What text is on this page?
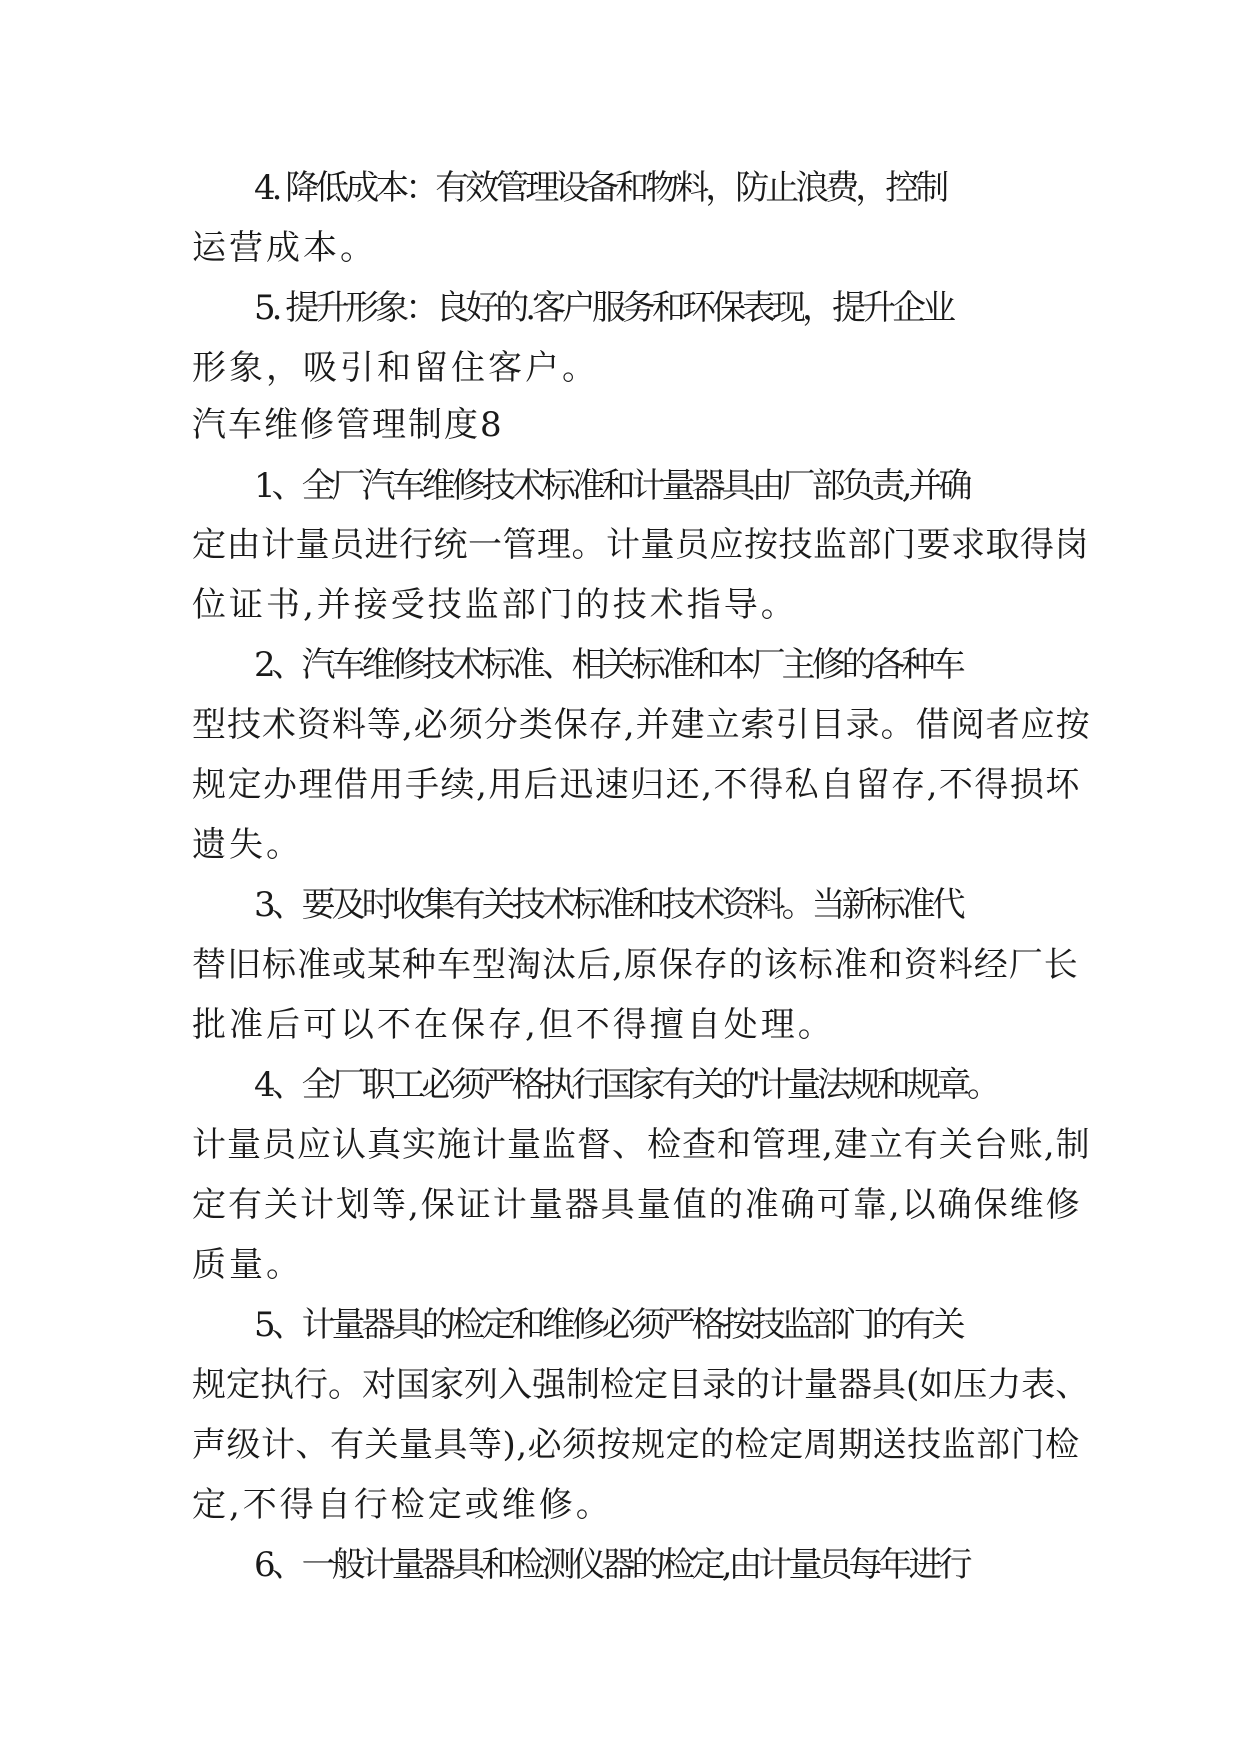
4. 降低成本：有效管理设备和物料，防止浪费，控制
运营成本。
5. 提升形象：良好的.客户服务和环保表现，提升企业
形象，吸引和留住客户。
汽车维修管理制度8
1、全厂汽车维修技术标准和计量器具由厂部负责,并确
定由计量员进行统一管理。计量员应按技监部门要求取得岗
位证书,并接受技监部门的技术指导。
2、汽车维修技术标准、相关标准和本厂主修的各种车
型技术资料等,必须分类保存,并建立索引目录。借阅者应按
规定办理借用手续,用后迅速归还,不得私自留存,不得损坏
遗失。
3、要及时收集有关技术标准和技术资料。当新标准代
替旧标准或某种车型淘汰后,原保存的该标准和资料经厂长
批准后可以不在保存,但不得擅自处理。
4、全厂职工必须严格执行国家有关的'计量法规和规章。
计量员应认真实施计量监督、检查和管理,建立有关台账,制
定有关计划等,保证计量器具量值的准确可靠,以确保维修
质量。
5、计量器具的检定和维修必须严格按技监部门的有关
规定执行。对国家列入强制检定目录的计量器具(如压力表、
声级计、有关量具等),必须按规定的检定周期送技监部门检
定,不得自行检定或维修。
6、一般计量器具和检测仪器的检定,由计量员每年进行
